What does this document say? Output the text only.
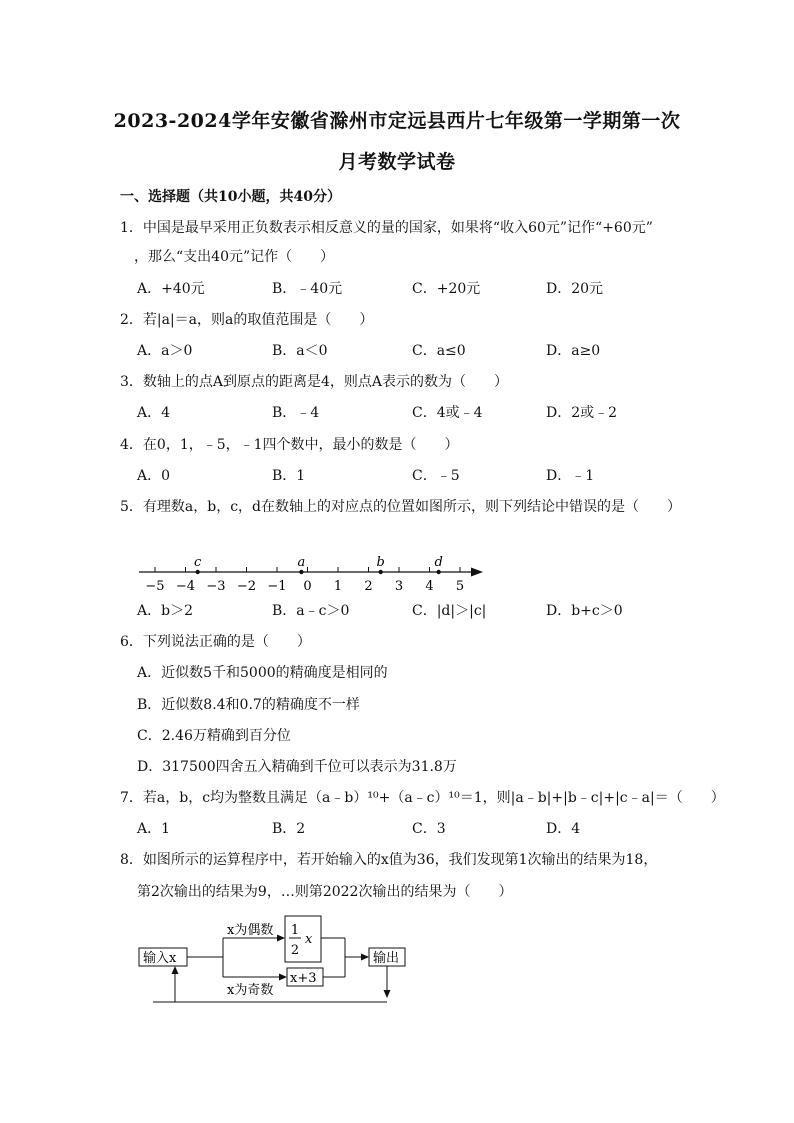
2023-2024学年安徽省滁州市定远县西片七年级第一学期第一次
月考数学试卷
一、选择题（共10小题，共40分）
1．中国是最早采用正负数表示相反意义的量的国家，如果将“收入60元”记作“+60元”
，那么“支出40元”记作（　　）
A．+40元	B．﹣40元	C．+20元	D．20元
2．若|a|＝a，则a的取值范围是（　　）
A．a＞0	B．a＜0	C．a≤0	D．a≥0
3．数轴上的点A到原点的距离是4，则点A表示的数为（　　）
A．4	B．﹣4	C．4或﹣4	D．2或﹣2
4．在0，1，﹣5，﹣1四个数中，最小的数是（　　）
A．0	B．1	C．﹣5	D．﹣1
5．有理数a，b，c，d在数轴上的对应点的位置如图所示，则下列结论中错误的是（　　）
−5 −4 −3 −2 −1 0 1 2 3 4 5
c	a	b	d
A．b＞2	B．a﹣c＞0	C．|d|＞|c|	D．b+c＞0
6．下列说法正确的是（　　）
A．近似数5千和5000的精确度是相同的
B．近似数8.4和0.7的精确度不一样
C．2.46万精确到百分位
D．317500四舍五入精确到千位可以表示为31.8万
7．若a，b，c均为整数且满足（a﹣b）¹⁰+（a﹣c）¹⁰＝1，则|a﹣b|+|b﹣c|+|c﹣a|＝（　　）
A．1	B．2	C．3	D．4
8．如图所示的运算程序中，若开始输入的x值为36，我们发现第1次输出的结果为18，
第2次输出的结果为9，…则第2022次输出的结果为（　　）
输入x
x为偶数
x为奇数
1
2
x
x+3
输出
